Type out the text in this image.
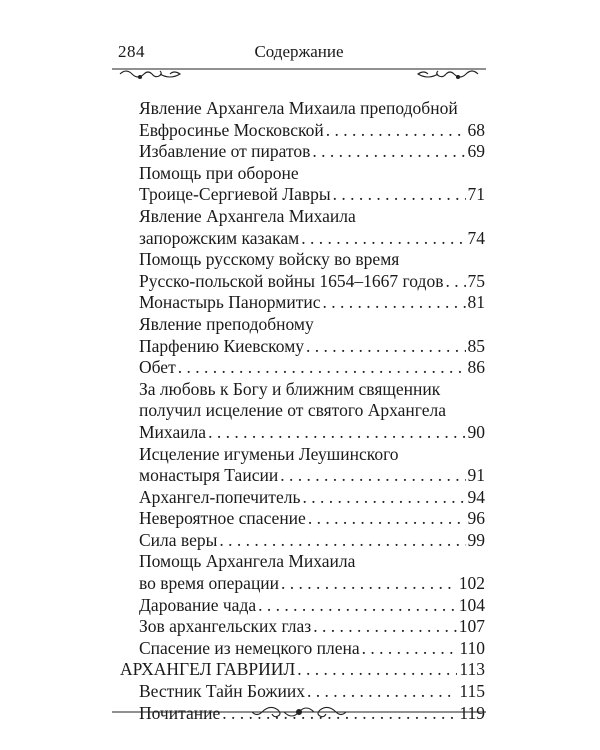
284	Содержание
Явление Архангела Михаила преподобной
Евфросинье Московской . . .	68
Избавление от пиратов . . .	69
Помощь при обороне
Троице-Сергиевой Лавры . . .	71
Явление Архангела Михаила
запорожским казакам . . .	74
Помощь русскому войску во время
Русско-польской войны 1654–1667 годов . . . 75
Монастырь Панормитис . . .	81
Явление преподобному
Парфению Киевскому . . .	85
Обет . . .	86
За любовь к Богу и ближним священник
получил исцеление от святого Архангела
Михаила . . .	90
Исцеление игуменьи Леушинского
монастыря Таисии . . .	91
Архангел-попечитель . . .	94
Невероятное спасение . . .	96
Сила веры . . .	99
Помощь Архангела Михаила
во время операции . . .	102
Дарование чада . . .	104
Зов архангельских глаз . . .	107
Спасение из немецкого плена . . .	110
АРХАНГЕЛ ГАВРИИЛ . . .	113
Вестник Тайн Божиих . . .	115
Почитание . . .	119
